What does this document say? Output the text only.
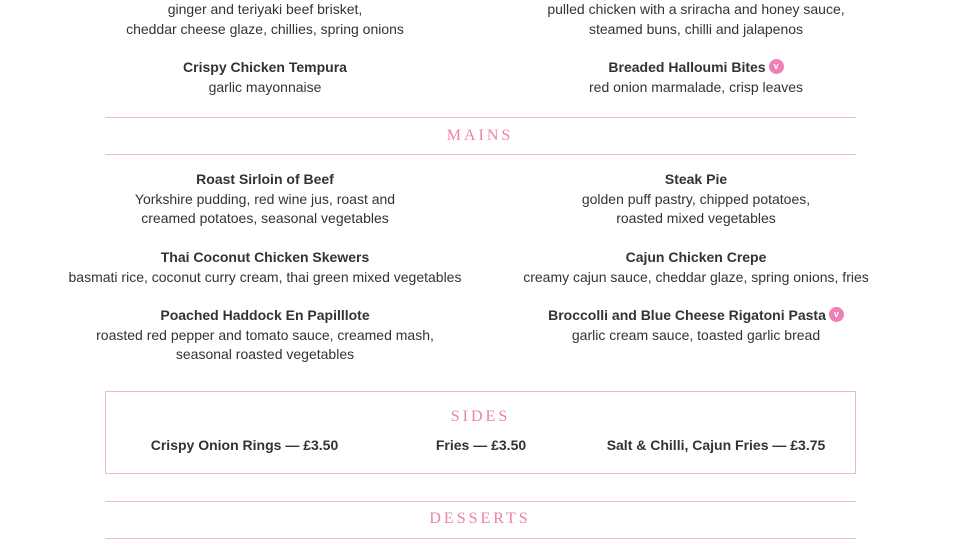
ginger and teriyaki beef brisket,
cheddar cheese glaze, chillies, spring onions
Crispy Chicken Tempura
garlic mayonnaise
pulled chicken with a sriracha and honey sauce,
steamed buns, chilli and jalapenos
Breaded Halloumi Bites v
red onion marmalade, crisp leaves
MAINS
Roast Sirloin of Beef
Yorkshire pudding, red wine jus, roast and
creamed potatoes, seasonal vegetables
Thai Coconut Chicken Skewers
basmati rice, coconut curry cream, thai green mixed vegetables
Poached Haddock En Papilllote
roasted red pepper and tomato sauce, creamed mash,
seasonal roasted vegetables
Steak Pie
golden puff pastry, chipped potatoes,
roasted mixed vegetables
Cajun Chicken Crepe
creamy cajun sauce, cheddar glaze, spring onions, fries
Broccolli and Blue Cheese Rigatoni Pasta v
garlic cream sauce, toasted garlic bread
SIDES
Crispy Onion Rings — £3.50	Fries — £3.50	Salt & Chilli, Cajun Fries — £3.75
DESSERTS
